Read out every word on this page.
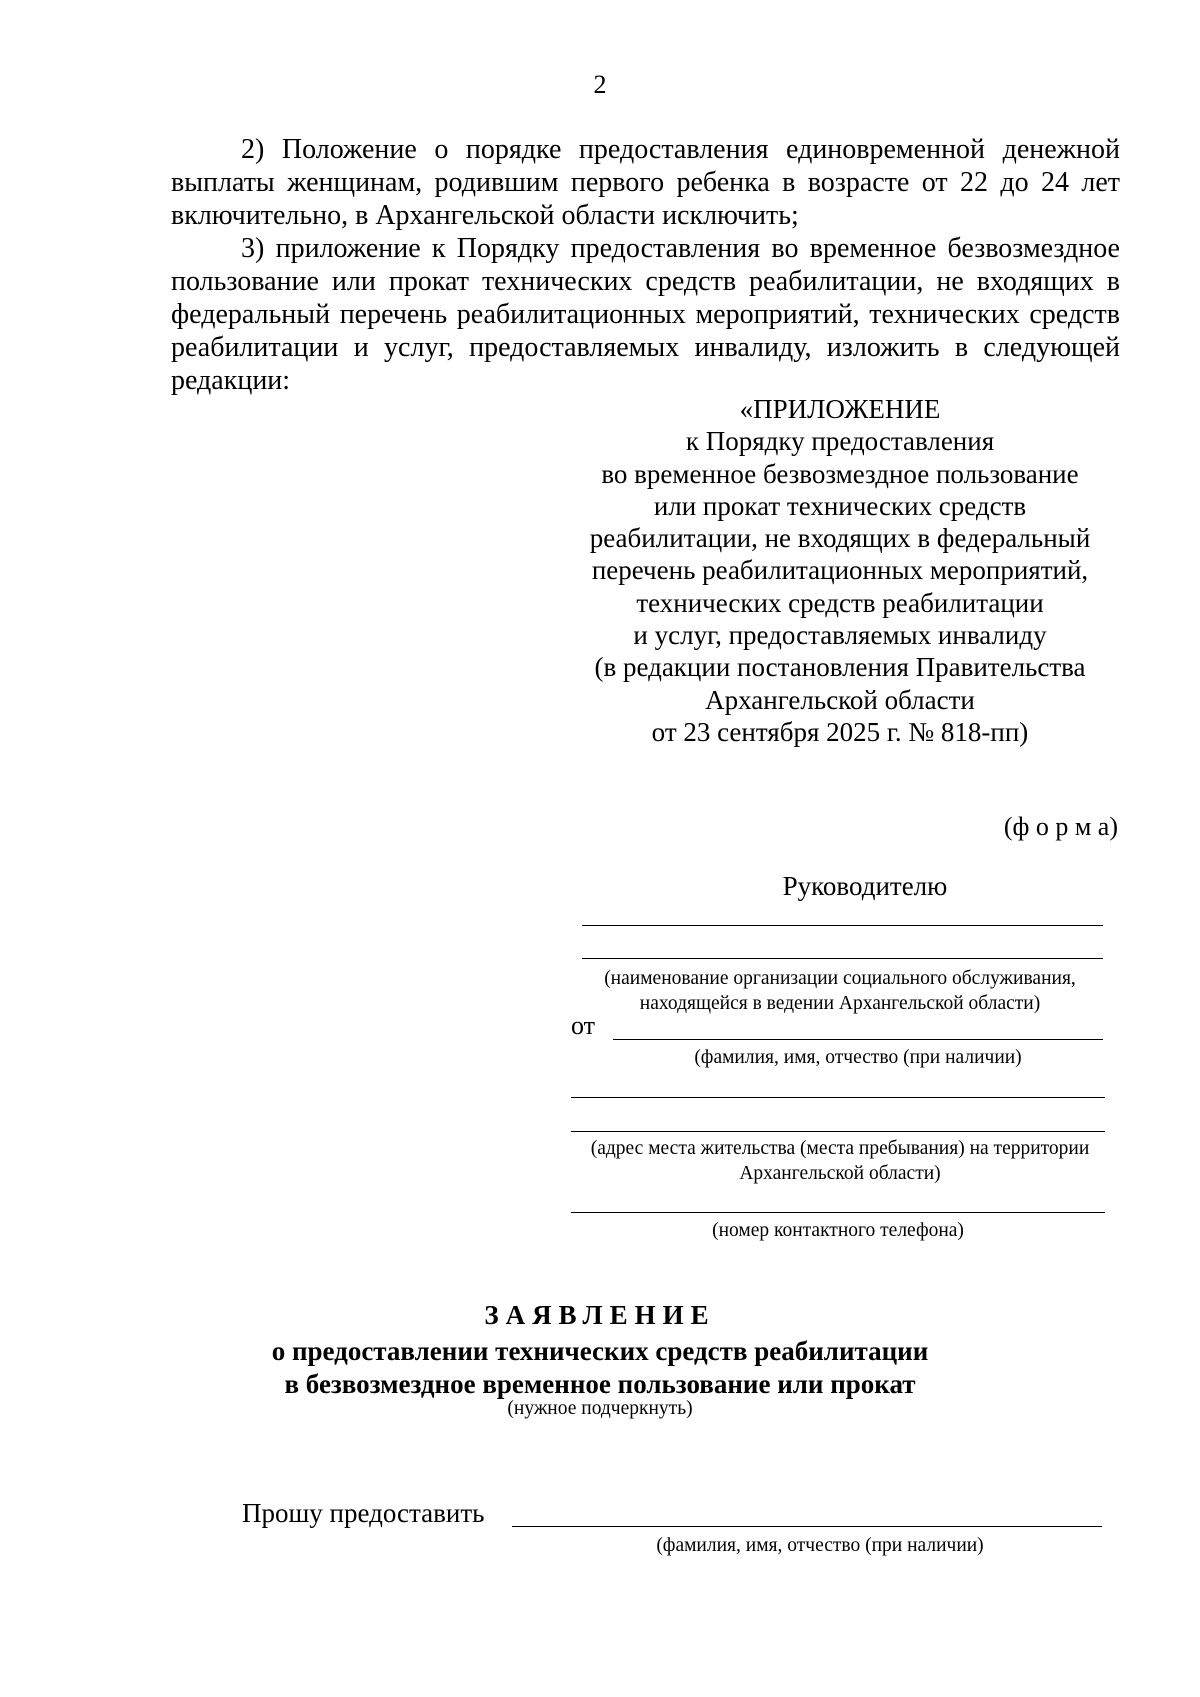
2
2) Положение о порядке предоставления единовременной денежной выплаты женщинам, родившим первого ребенка в возрасте от 22 до 24 лет включительно, в Архангельской области исключить;
3) приложение к Порядку предоставления во временное безвозмездное пользование или прокат технических средств реабилитации, не входящих в федеральный перечень реабилитационных мероприятий, технических средств реабилитации и услуг, предоставляемых инвалиду, изложить в следующей редакции:
«ПРИЛОЖЕНИЕ
к Порядку предоставления
во временное безвозмездное пользование
или прокат технических средств
реабилитации, не входящих в федеральный
перечень реабилитационных мероприятий,
технических средств реабилитации
и услуг, предоставляемых инвалиду
(в редакции постановления Правительства
Архангельской области
от 23 сентября 2025 г. № 818-пп)
(ф о р м а)
Руководителю
(наименование организации социального обслуживания,
находящейся в ведении Архангельской области)
от
(фамилия, имя, отчество (при наличии)
(адрес места жительства (места пребывания) на территории
Архангельской области)
(номер контактного телефона)
ЗАЯВЛЕНИЕ
о предоставлении технических средств реабилитации
в безвозмездное временное пользование или прокат
(нужное подчеркнуть)
Прошу предоставить
(фамилия, имя, отчество (при наличии)
